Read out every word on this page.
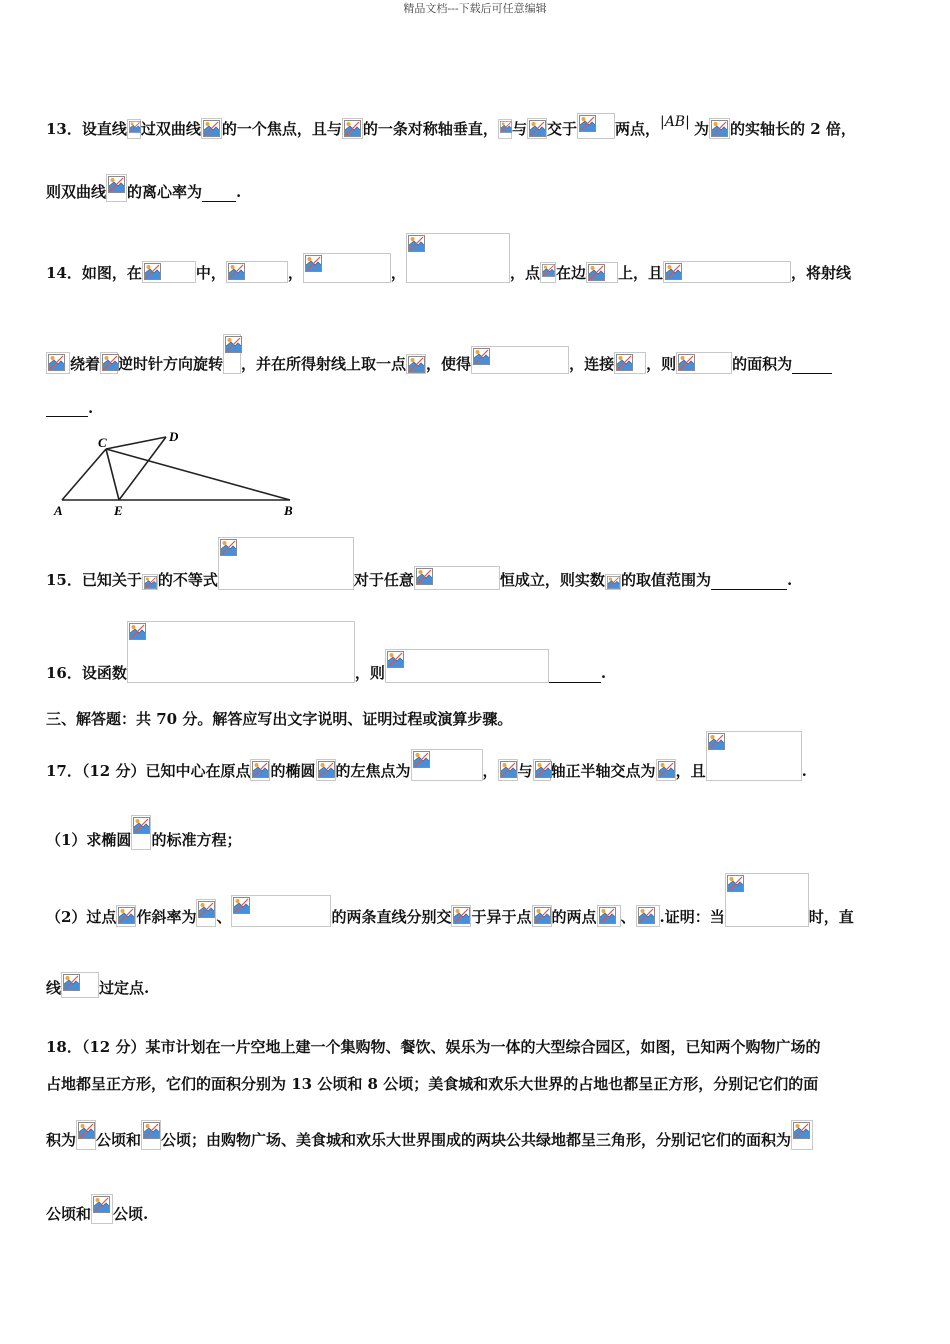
精品文档---下载后可任意编辑
13．设直线 过双曲线 的一个焦点，且与 的一条对称轴垂直， 与 交于	两点，|AB| 为 的实轴长的 2 倍，
则双曲线 的离心率为 .
14．如图，在	中，	，	，	，点 在边 上，且	，将射线
绕着 逆时针方向旋转 ，并在所得射线上取一点 ，使得	，连接 ，则	的面积为
.
C	D
A	E	B
15．已知关于 的不等式	对于任意	恒成立，则实数 的取值范围为	.
16．设函数	，则	.
三、解答题：共 70 分。解答应写出文字说明、证明过程或演算步骤。
17．（12 分）已知中心在原点 的椭圆 的左焦点为	， 与 轴正半轴交点为 ，且	.
（1）求椭圆 的标准方程；
（2）过点 作斜率为 、	的两条直线分别交 于异于点 的两点 、 .证明：当	时，直
线	过定点.
18．（12 分）某市计划在一片空地上建一个集购物、餐饮、娱乐为一体的大型综合园区，如图，已知两个购物广场的
占地都呈正方形，它们的面积分别为 13 公顷和 8 公顷；美食城和欢乐大世界的占地也都呈正方形，分别记它们的面
积为 公顷和 公顷；由购物广场、美食城和欢乐大世界围成的两块公共绿地都呈三角形，分别记它们的面积为
公顷和 公顷.
